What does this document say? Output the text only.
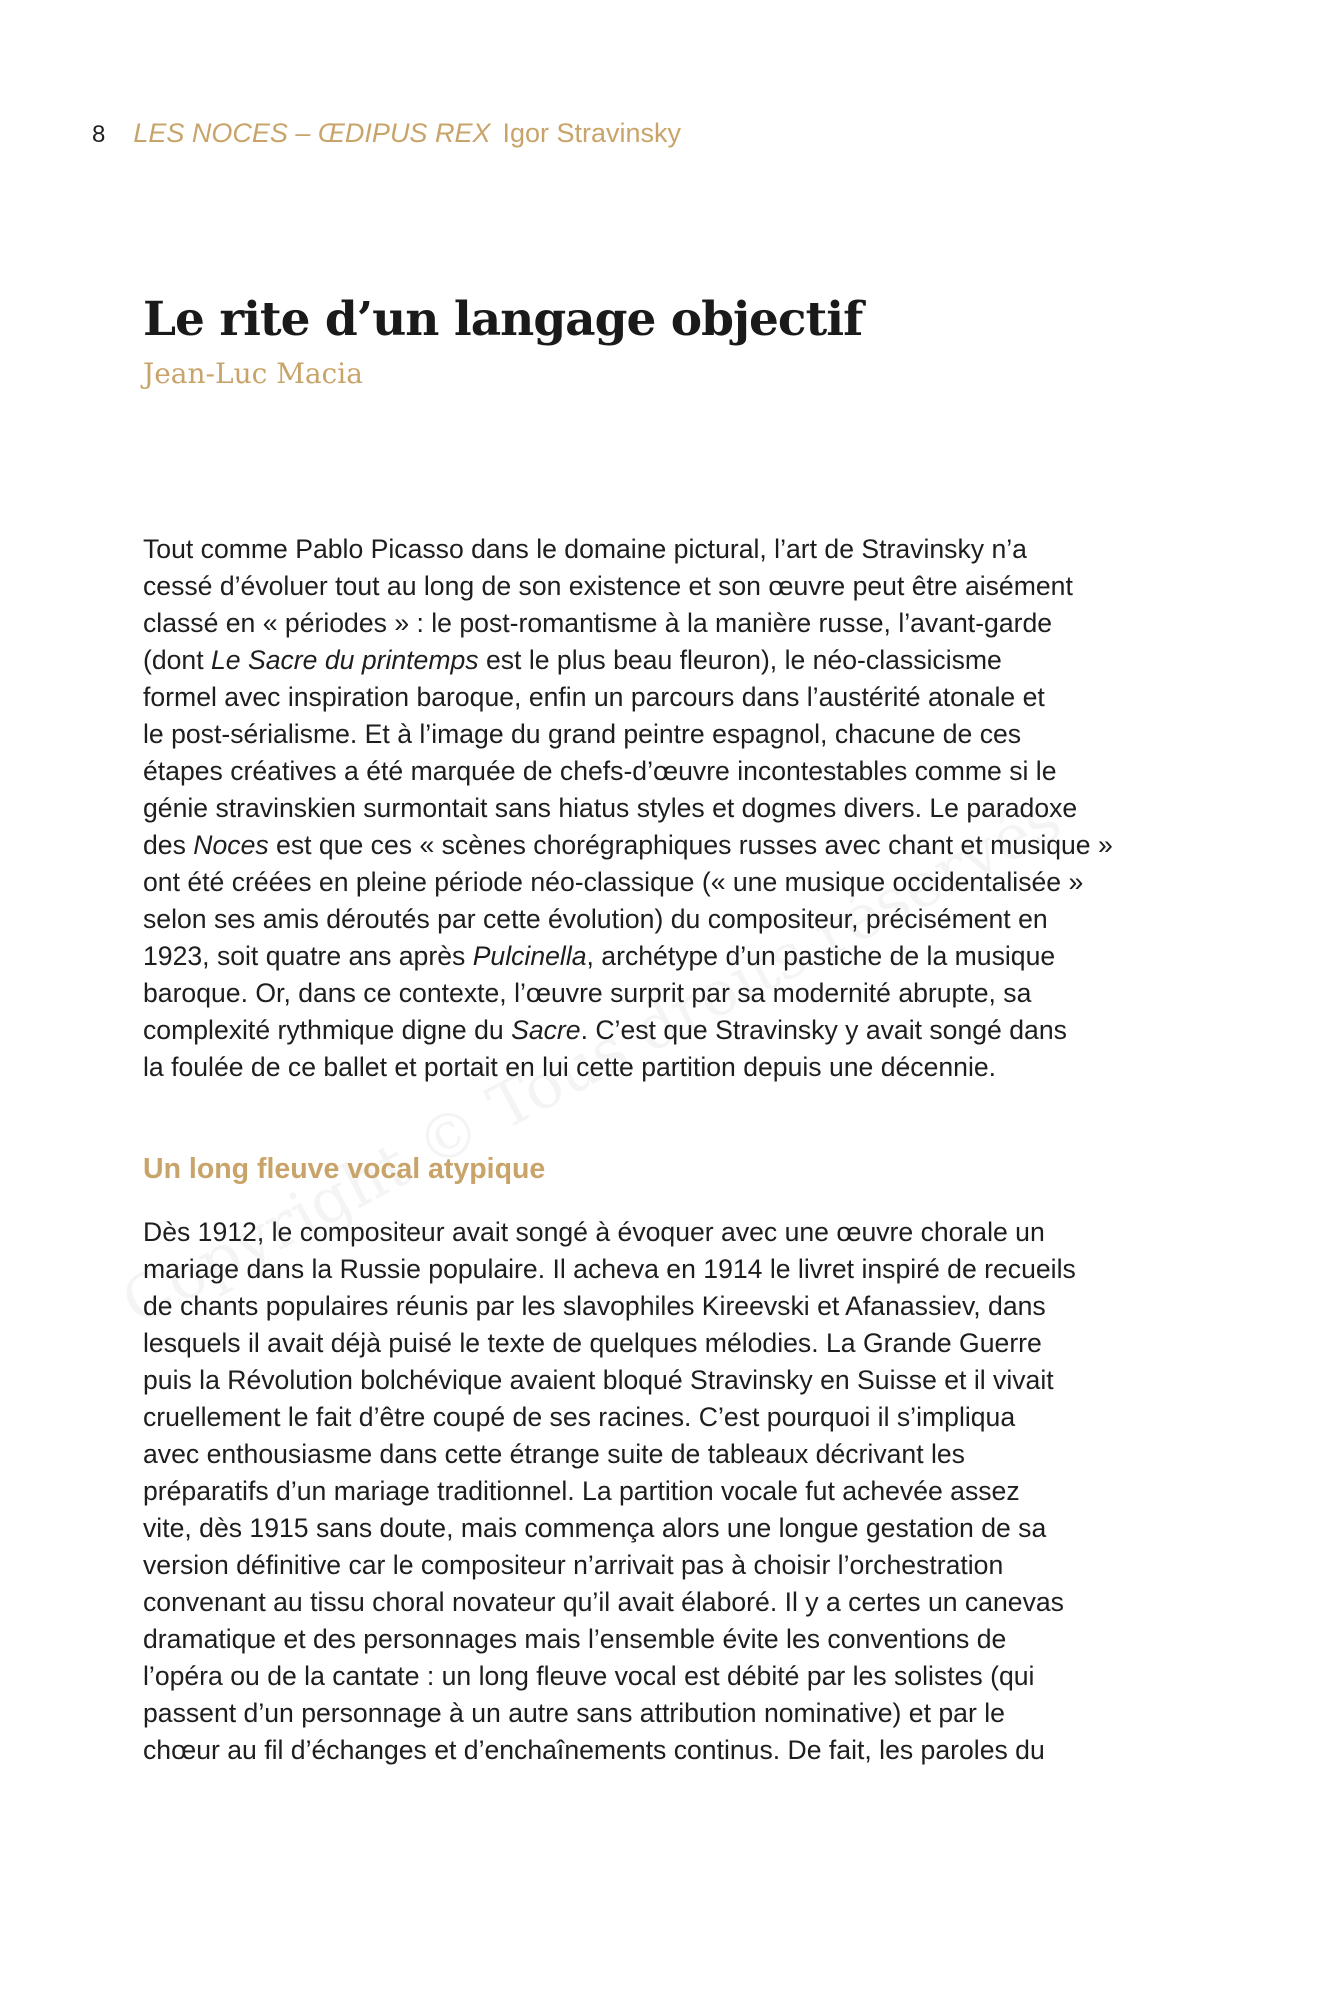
8 LES NOCES – ŒDIPUS REX Igor Stravinsky
Le rite d’un langage objectif
Jean-Luc Macia
Tout comme Pablo Picasso dans le domaine pictural, l’art de Stravinsky n’a
cessé d’évoluer tout au long de son existence et son œuvre peut être aisément
classé en « périodes » : le post-romantisme à la manière russe, l’avant-garde
(dont Le Sacre du printemps est le plus beau fleuron), le néo-classicisme
formel avec inspiration baroque, enfin un parcours dans l’austérité atonale et
le post-sérialisme. Et à l’image du grand peintre espagnol, chacune de ces
étapes créatives a été marquée de chefs-d’œuvre incontestables comme si le
génie stravinskien surmontait sans hiatus styles et dogmes divers. Le paradoxe
des Noces est que ces « scènes chorégraphiques russes avec chant et musique »
ont été créées en pleine période néo-classique (« une musique occidentalisée »
selon ses amis déroutés par cette évolution) du compositeur, précisément en
1923, soit quatre ans après Pulcinella, archétype d’un pastiche de la musique
baroque. Or, dans ce contexte, l’œuvre surprit par sa modernité abrupte, sa
complexité rythmique digne du Sacre. C’est que Stravinsky y avait songé dans
la foulée de ce ballet et portait en lui cette partition depuis une décennie.
Un long fleuve vocal atypique
Dès 1912, le compositeur avait songé à évoquer avec une œuvre chorale un
mariage dans la Russie populaire. Il acheva en 1914 le livret inspiré de recueils
de chants populaires réunis par les slavophiles Kireevski et Afanassiev, dans
lesquels il avait déjà puisé le texte de quelques mélodies. La Grande Guerre
puis la Révolution bolchévique avaient bloqué Stravinsky en Suisse et il vivait
cruellement le fait d’être coupé de ses racines. C’est pourquoi il s’impliqua
avec enthousiasme dans cette étrange suite de tableaux décrivant les
préparatifs d’un mariage traditionnel. La partition vocale fut achevée assez
vite, dès 1915 sans doute, mais commença alors une longue gestation de sa
version définitive car le compositeur n’arrivait pas à choisir l’orchestration
convenant au tissu choral novateur qu’il avait élaboré. Il y a certes un canevas
dramatique et des personnages mais l’ensemble évite les conventions de
l’opéra ou de la cantate : un long fleuve vocal est débité par les solistes (qui
passent d’un personnage à un autre sans attribution nominative) et par le
chœur au fil d’échanges et d’enchaînements continus. De fait, les paroles du
